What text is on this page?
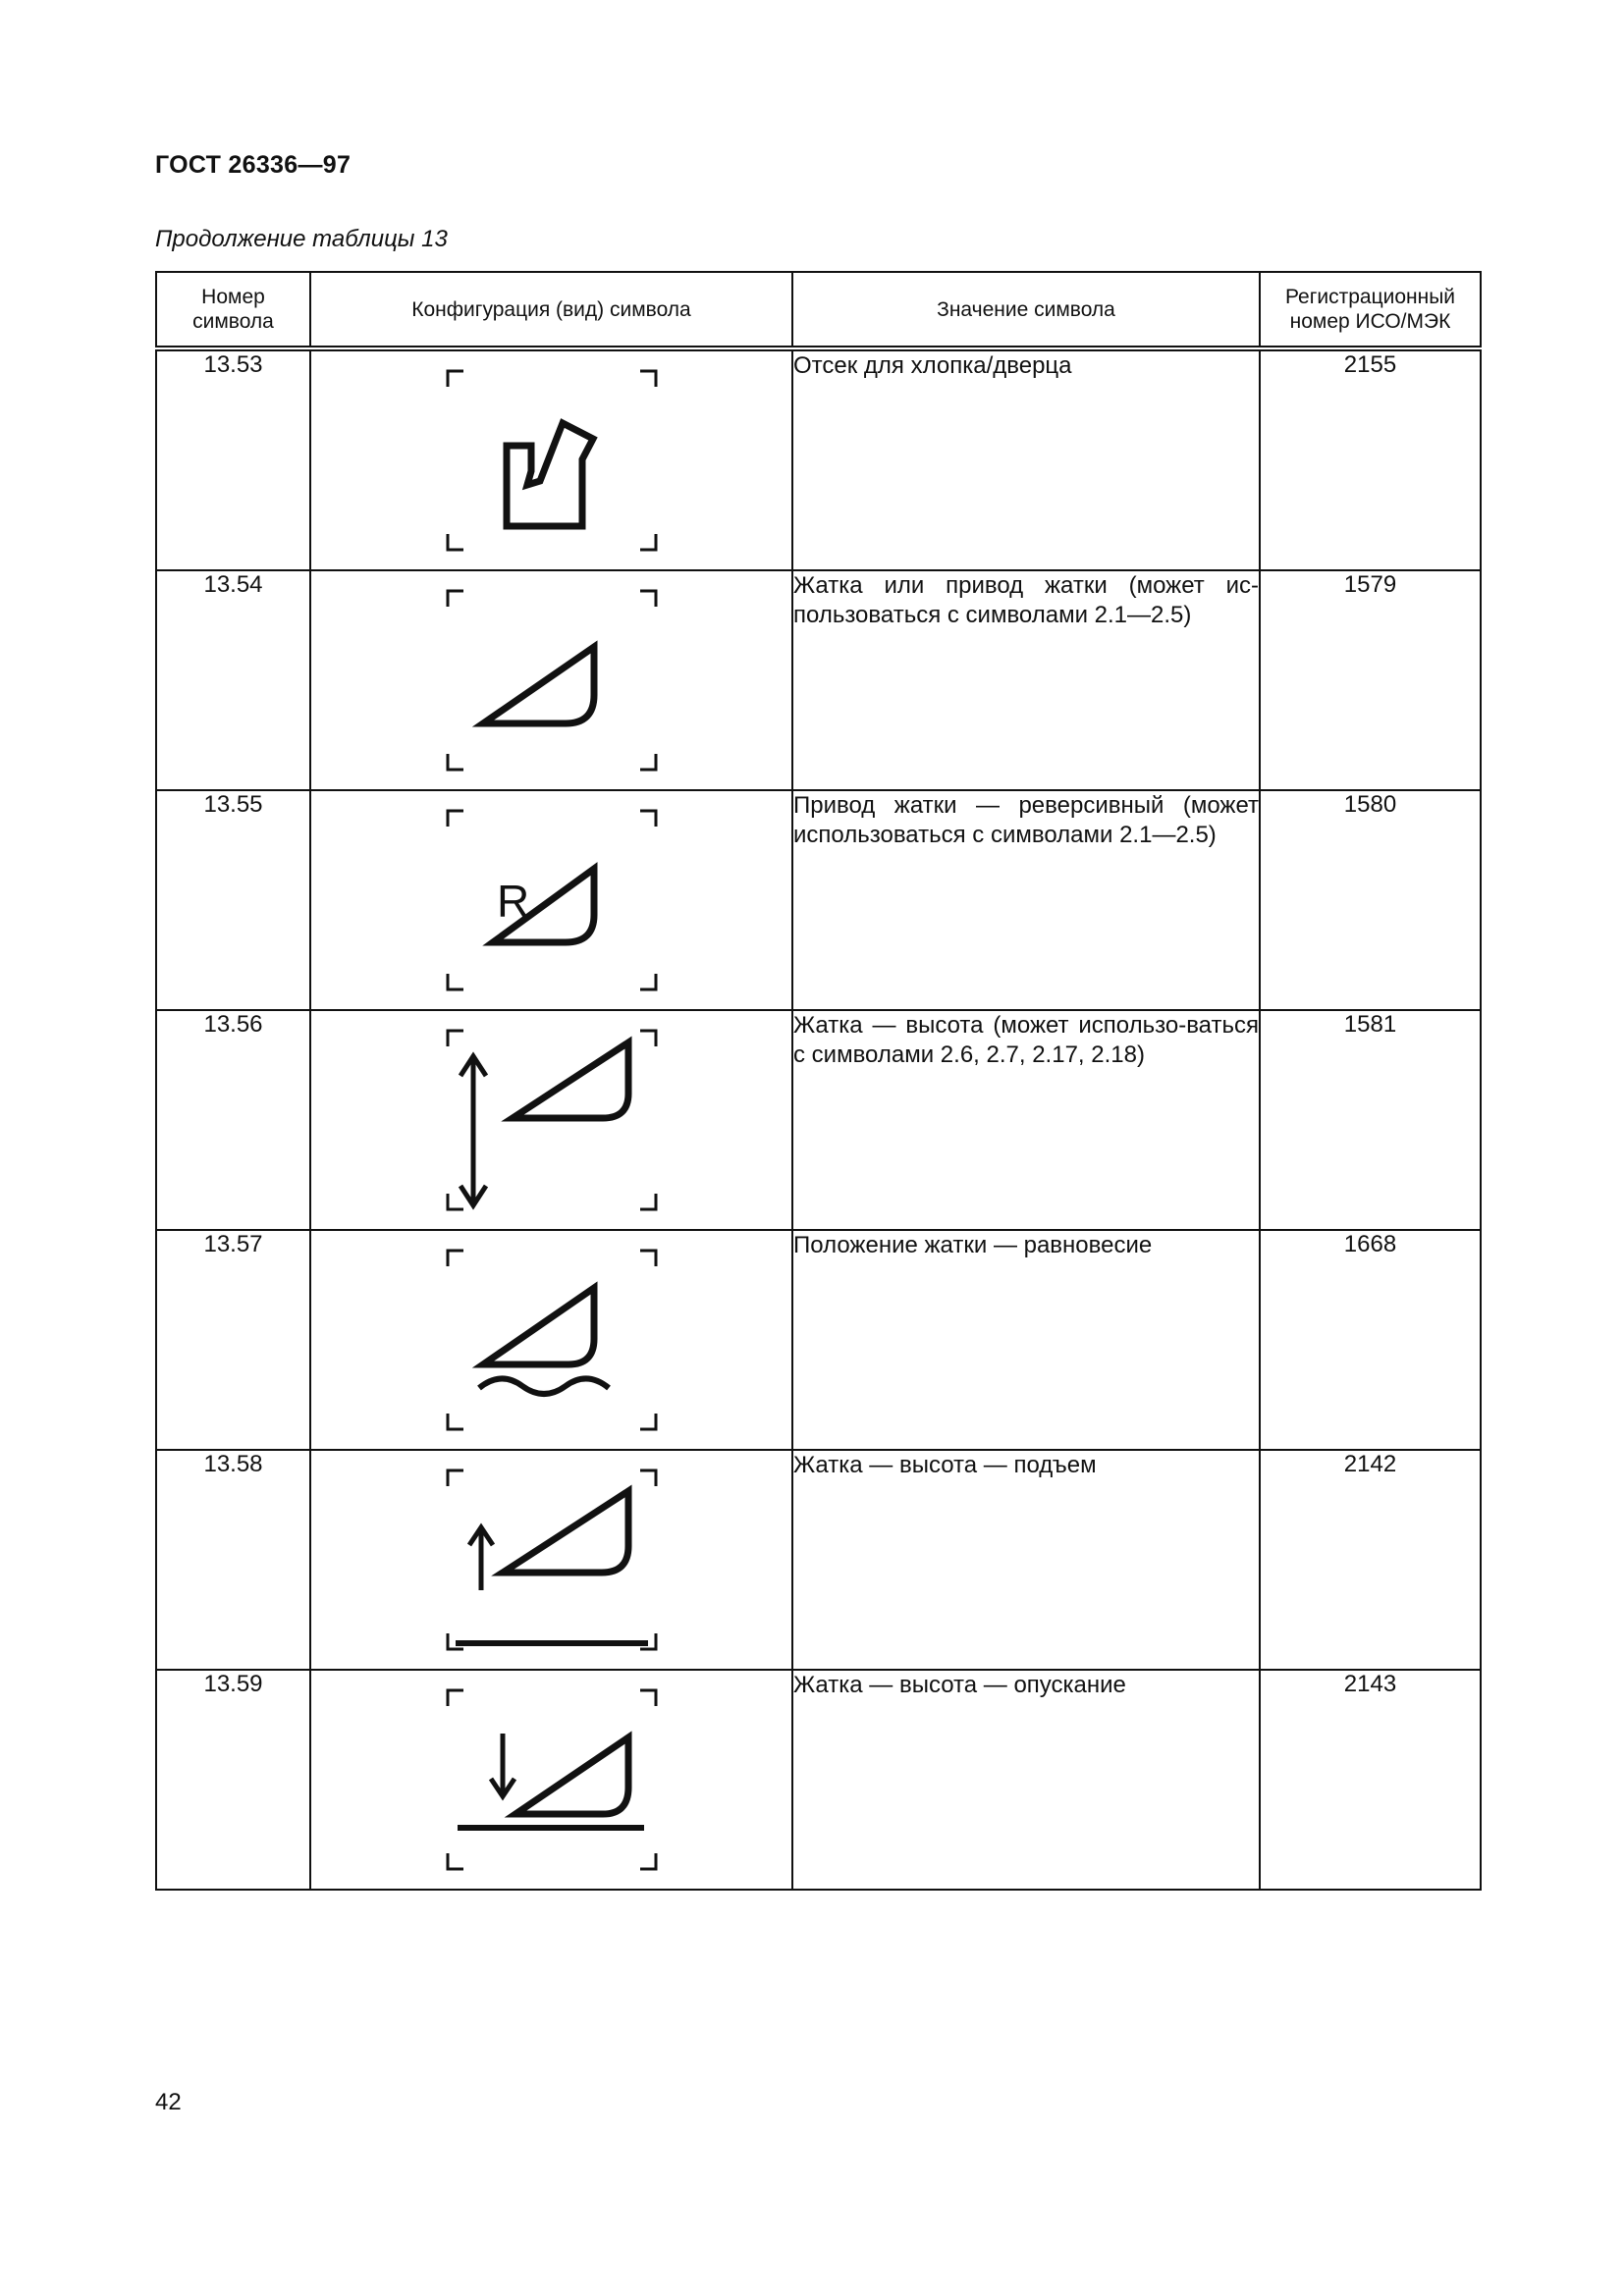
ГОСТ 26336—97
Продолжение таблицы 13
Номер символа	Конфигурация (вид) символа	Значение символа	Регистрационный номер ИСО/МЭК
13.53		Отсек для хлопка/дверца	2155
13.54		Жатка или привод жатки (может ис-пользоваться с символами 2.1—2.5)	1579
13.55	R	Привод жатки — реверсивный (может использоваться с символами 2.1—2.5)	1580
13.56		Жатка — высота (может использо-ваться с символами 2.6, 2.7, 2.17, 2.18)	1581
13.57		Положение жатки — равновесие	1668
13.58		Жатка — высота — подъем	2142
13.59		Жатка — высота — опускание	2143
42
